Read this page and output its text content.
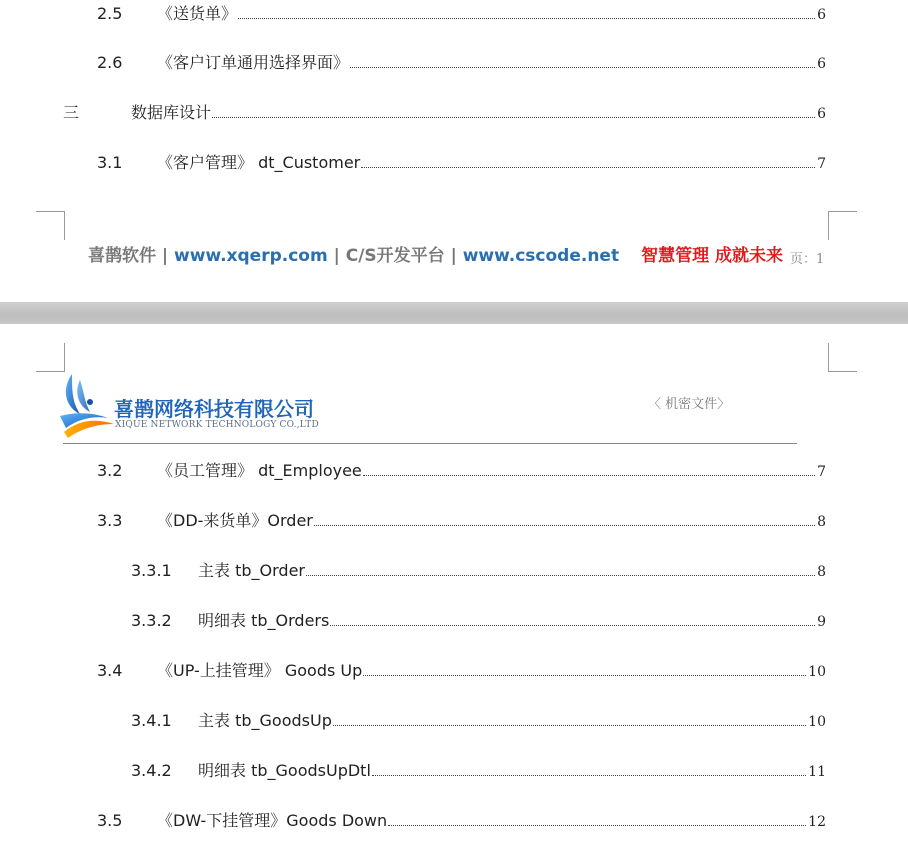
2.5	《送货单》	6
2.6	《客户订单通用选择界面》	6
三	数据库设计	6
3.1	《客户管理》 dt_Customer	7
喜鹊软件 | www.xqerp.com | C/S开发平台 | www.cscode.net 智慧管理 成就未来 页：1
喜鹊网络科技有限公司
XIQUE NETWORK TECHNOLOGY CO.,LTD
〈 机密文件〉
3.2	《员工管理》 dt_Employee	7
3.3	《DD-来货单》Order	8
3.3.1	主表 tb_Order	8
3.3.2	明细表 tb_Orders	9
3.4	《UP-上挂管理》 Goods Up	10
3.4.1	主表 tb_GoodsUp	10
3.4.2	明细表 tb_GoodsUpDtl	11
3.5	《DW-下挂管理》Goods Down	12
